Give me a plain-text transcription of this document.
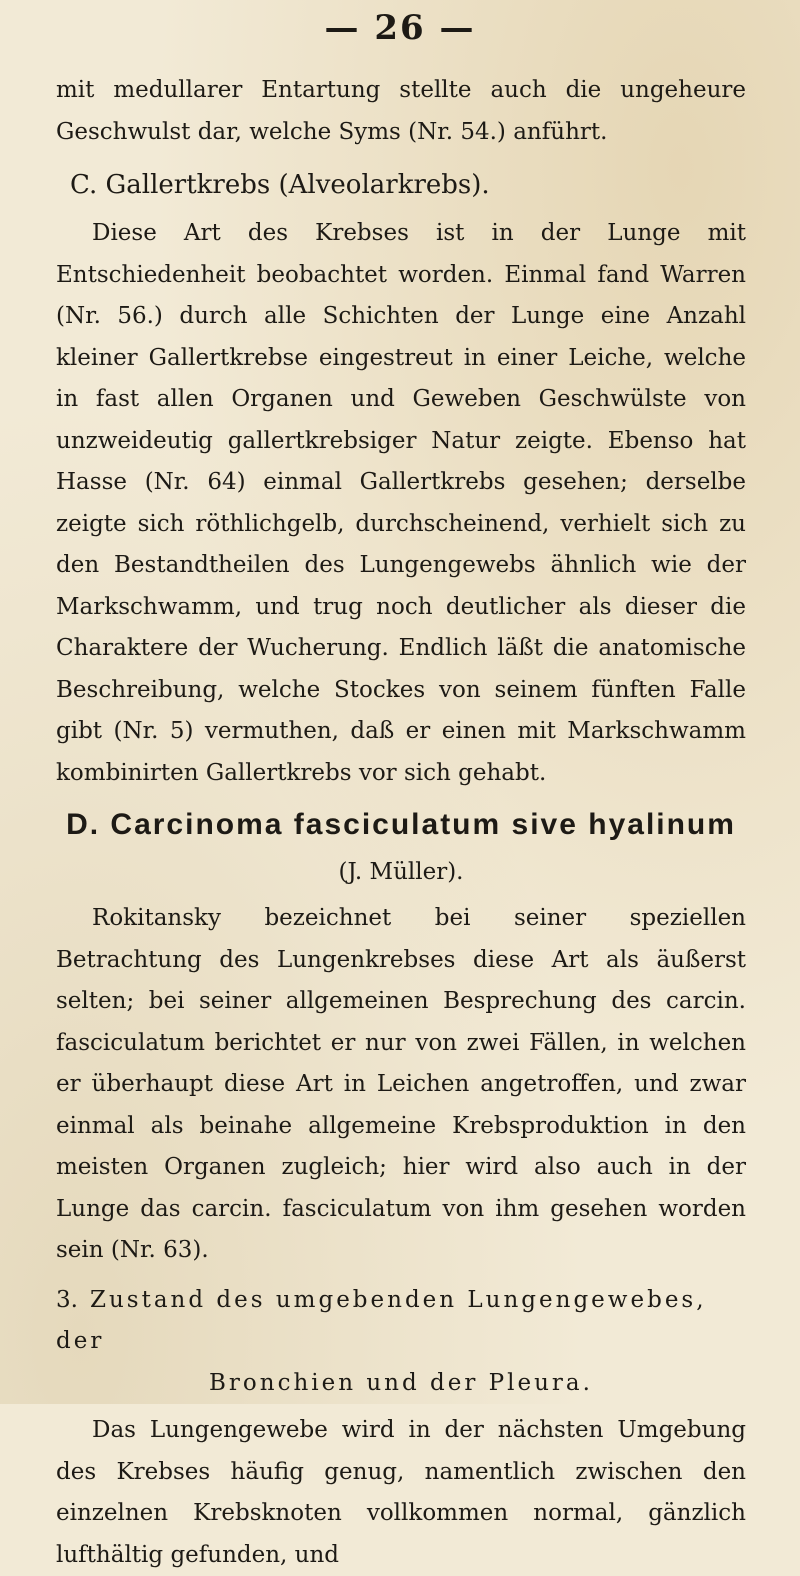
— 26 —

mit medullarer Entartung stellte auch die ungeheure Geschwulst dar, welche Syms (Nr. 54.) anführt.

C. Gallertkrebs (Alveolarkrebs).

Diese Art des Krebses ist in der Lunge mit Entschiedenheit beobachtet worden. Einmal fand Warren (Nr. 56.) durch alle Schichten der Lunge eine Anzahl kleiner Gallertkrebse eingestreut in einer Leiche, welche in fast allen Organen und Geweben Geschwülste von unzweideutig gallertkrebsiger Natur zeigte. Ebenso hat Hasse (Nr. 64) einmal Gallertkrebs gesehen; derselbe zeigte sich röthlichgelb, durchscheinend, verhielt sich zu den Bestandtheilen des Lungengewebs ähnlich wie der Markschwamm, und trug noch deutlicher als dieser die Charaktere der Wucherung. Endlich läßt die anatomische Beschreibung, welche Stockes von seinem fünften Falle gibt (Nr. 5) vermuthen, daß er einen mit Markschwamm kombinirten Gallertkrebs vor sich gehabt.

D. Carcinoma fasciculatum sive hyalinum
(J. Müller).

Rokitansky bezeichnet bei seiner speziellen Betrachtung des Lungenkrebses diese Art als äußerst selten; bei seiner allgemeinen Besprechung des carcin. fasciculatum berichtet er nur von zwei Fällen, in welchen er überhaupt diese Art in Leichen angetroffen, und zwar einmal als beinahe allgemeine Krebsproduktion in den meisten Organen zugleich; hier wird also auch in der Lunge das carcin. fasciculatum von ihm gesehen worden sein (Nr. 63).

3. Zustand des umgebenden Lungengewebes, der
Bronchien und der Pleura.

Das Lungengewebe wird in der nächsten Umgebung des Krebses häufig genug, namentlich zwischen den einzelnen Krebsknoten vollkommen normal, gänzlich lufthältig gefunden, und
